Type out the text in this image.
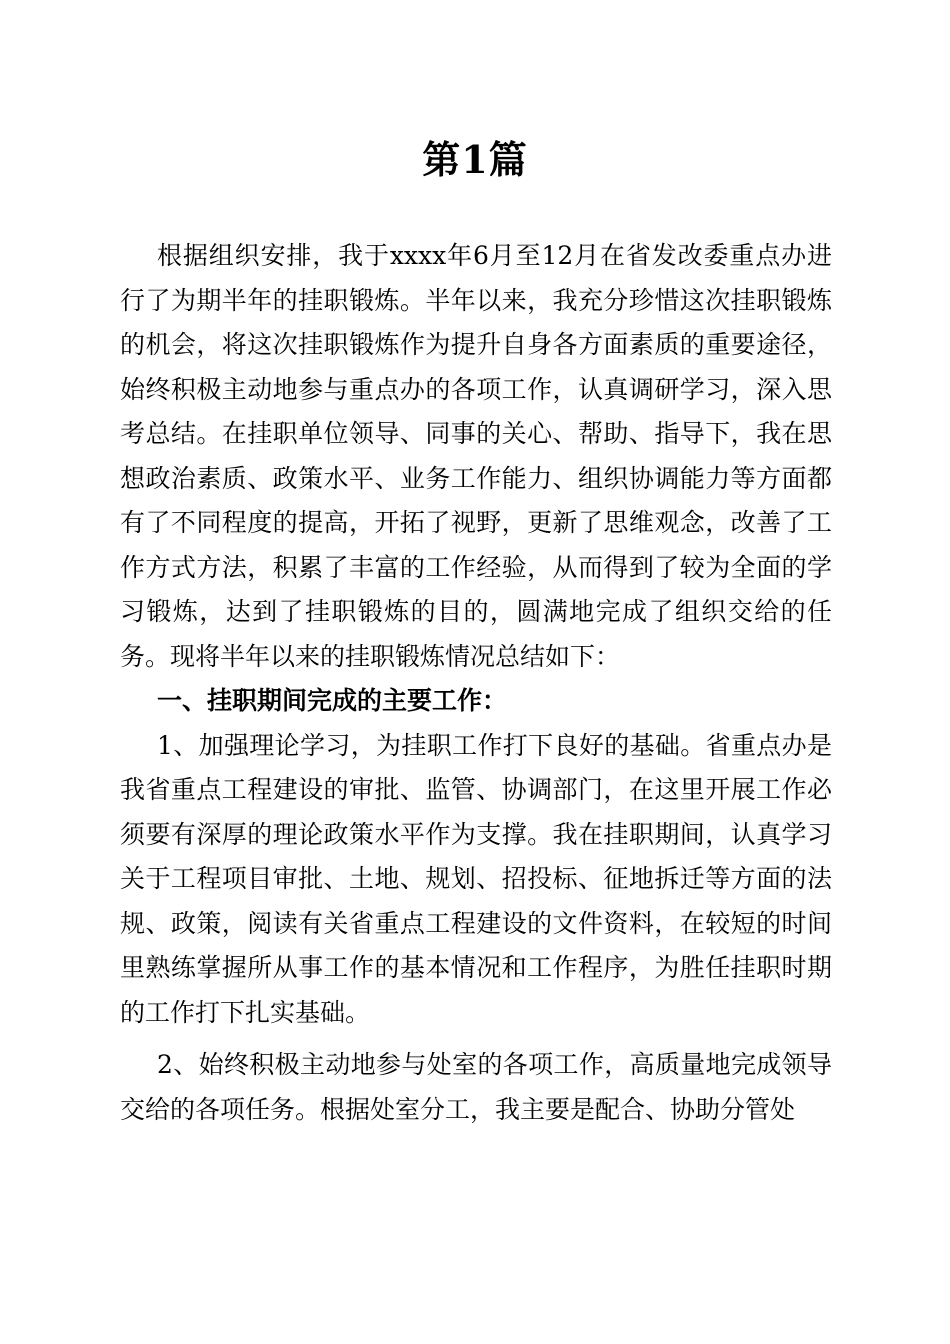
第1篇

根据组织安排，我于xxxx年6月至12月在省发改委重点办进行了为期半年的挂职锻炼。半年以来，我充分珍惜这次挂职锻炼的机会，将这次挂职锻炼作为提升自身各方面素质的重要途径，始终积极主动地参与重点办的各项工作，认真调研学习，深入思考总结。在挂职单位领导、同事的关心、帮助、指导下，我在思想政治素质、政策水平、业务工作能力、组织协调能力等方面都有了不同程度的提高，开拓了视野，更新了思维观念，改善了工作方式方法，积累了丰富的工作经验，从而得到了较为全面的学习锻炼，达到了挂职锻炼的目的，圆满地完成了组织交给的任务。现将半年以来的挂职锻炼情况总结如下：

一、挂职期间完成的主要工作：

1、加强理论学习，为挂职工作打下良好的基础。省重点办是我省重点工程建设的审批、监管、协调部门，在这里开展工作必须要有深厚的理论政策水平作为支撑。我在挂职期间，认真学习关于工程项目审批、土地、规划、招投标、征地拆迁等方面的法规、政策，阅读有关省重点工程建设的文件资料，在较短的时间里熟练掌握所从事工作的基本情况和工作程序，为胜任挂职时期的工作打下扎实基础。

2、始终积极主动地参与处室的各项工作，高质量地完成领导交给的各项任务。根据处室分工，我主要是配合、协助分管处
